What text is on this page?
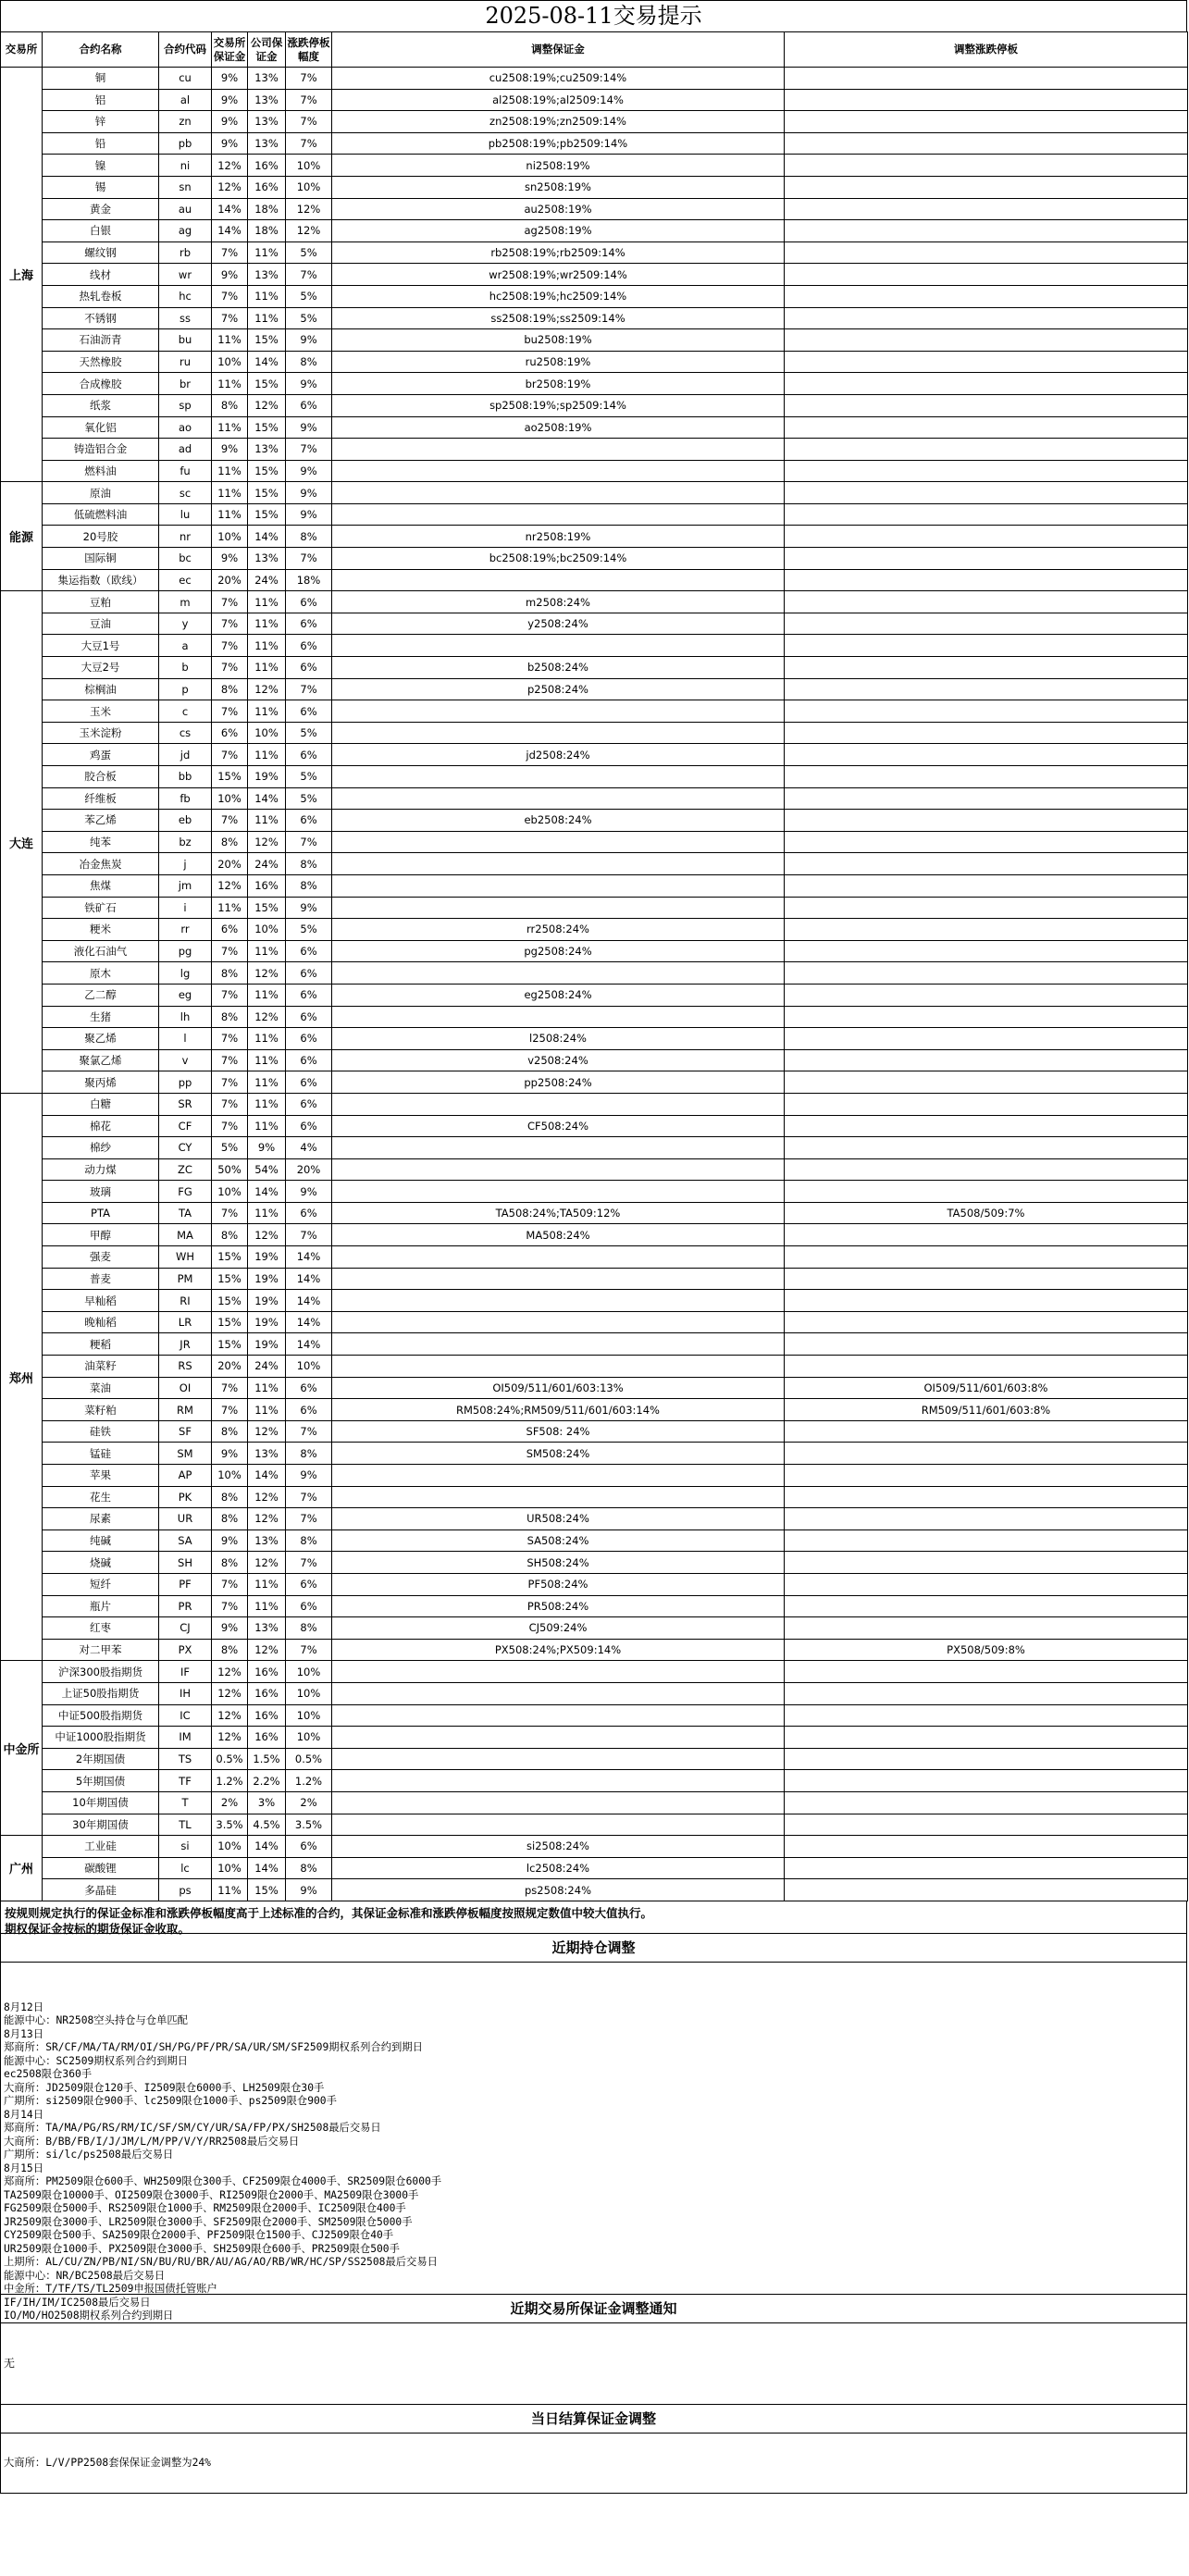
2025-08-11交易提示
交易所	合约名称	合约代码	交易所保证金	公司保证金	涨跌停板幅度	调整保证金	调整涨跌停板
上海	铜	cu	9%	13%	7%	cu2508:19%;cu2509:14%	
	铝	al	9%	13%	7%	al2508:19%;al2509:14%	
	锌	zn	9%	13%	7%	zn2508:19%;zn2509:14%	
	铅	pb	9%	13%	7%	pb2508:19%;pb2509:14%	
	镍	ni	12%	16%	10%	ni2508:19%	
	锡	sn	12%	16%	10%	sn2508:19%	
	黄金	au	14%	18%	12%	au2508:19%	
	白银	ag	14%	18%	12%	ag2508:19%	
	螺纹钢	rb	7%	11%	5%	rb2508:19%;rb2509:14%	
	线材	wr	9%	13%	7%	wr2508:19%;wr2509:14%	
	热轧卷板	hc	7%	11%	5%	hc2508:19%;hc2509:14%	
	不锈钢	ss	7%	11%	5%	ss2508:19%;ss2509:14%	
	石油沥青	bu	11%	15%	9%	bu2508:19%	
	天然橡胶	ru	10%	14%	8%	ru2508:19%	
	合成橡胶	br	11%	15%	9%	br2508:19%	
	纸浆	sp	8%	12%	6%	sp2508:19%;sp2509:14%	
	氧化铝	ao	11%	15%	9%	ao2508:19%	
	铸造铝合金	ad	9%	13%	7%		
	燃料油	fu	11%	15%	9%		
能源	原油	sc	11%	15%	9%		
	低硫燃料油	lu	11%	15%	9%		
	20号胶	nr	10%	14%	8%	nr2508:19%	
	国际铜	bc	9%	13%	7%	bc2508:19%;bc2509:14%	
	集运指数（欧线）	ec	20%	24%	18%		
大连	豆粕	m	7%	11%	6%	m2508:24%	
	豆油	y	7%	11%	6%	y2508:24%	
	大豆1号	a	7%	11%	6%		
	大豆2号	b	7%	11%	6%	b2508:24%	
	棕榈油	p	8%	12%	7%	p2508:24%	
	玉米	c	7%	11%	6%		
	玉米淀粉	cs	6%	10%	5%		
	鸡蛋	jd	7%	11%	6%	jd2508:24%	
	胶合板	bb	15%	19%	5%		
	纤维板	fb	10%	14%	5%		
	苯乙烯	eb	7%	11%	6%	eb2508:24%	
	纯苯	bz	8%	12%	7%		
	冶金焦炭	j	20%	24%	8%		
	焦煤	jm	12%	16%	8%		
	铁矿石	i	11%	15%	9%		
	粳米	rr	6%	10%	5%	rr2508:24%	
	液化石油气	pg	7%	11%	6%	pg2508:24%	
	原木	lg	8%	12%	6%		
	乙二醇	eg	7%	11%	6%	eg2508:24%	
	生猪	lh	8%	12%	6%		
	聚乙烯	l	7%	11%	6%	l2508:24%	
	聚氯乙烯	v	7%	11%	6%	v2508:24%	
	聚丙烯	pp	7%	11%	6%	pp2508:24%	
郑州	白糖	SR	7%	11%	6%		
	棉花	CF	7%	11%	6%	CF508:24%	
	棉纱	CY	5%	9%	4%		
	动力煤	ZC	50%	54%	20%		
	玻璃	FG	10%	14%	9%		
	PTA	TA	7%	11%	6%	TA508:24%;TA509:12%	TA508/509:7%
	甲醇	MA	8%	12%	7%	MA508:24%	
	强麦	WH	15%	19%	14%		
	普麦	PM	15%	19%	14%		
	早籼稻	RI	15%	19%	14%		
	晚籼稻	LR	15%	19%	14%		
	粳稻	JR	15%	19%	14%		
	油菜籽	RS	20%	24%	10%		
	菜油	OI	7%	11%	6%	OI509/511/601/603:13%	OI509/511/601/603:8%
	菜籽粕	RM	7%	11%	6%	RM508:24%;RM509/511/601/603:14%	RM509/511/601/603:8%
	硅铁	SF	8%	12%	7%	SF508: 24%	
	锰硅	SM	9%	13%	8%	SM508:24%	
	苹果	AP	10%	14%	9%		
	花生	PK	8%	12%	7%		
	尿素	UR	8%	12%	7%	UR508:24%	
	纯碱	SA	9%	13%	8%	SA508:24%	
	烧碱	SH	8%	12%	7%	SH508:24%	
	短纤	PF	7%	11%	6%	PF508:24%	
	瓶片	PR	7%	11%	6%	PR508:24%	
	红枣	CJ	9%	13%	8%	CJ509:24%	
	对二甲苯	PX	8%	12%	7%	PX508:24%;PX509:14%	PX508/509:8%
中金所	沪深300股指期货	IF	12%	16%	10%		
	上证50股指期货	IH	12%	16%	10%		
	中证500股指期货	IC	12%	16%	10%		
	中证1000股指期货	IM	12%	16%	10%		
	2年期国债	TS	0.5%	1.5%	0.5%		
	5年期国债	TF	1.2%	2.2%	1.2%		
	10年期国债	T	2%	3%	2%		
	30年期国债	TL	3.5%	4.5%	3.5%		
广州	工业硅	si	10%	14%	6%	si2508:24%	
	碳酸锂	lc	10%	14%	8%	lc2508:24%	
	多晶硅	ps	11%	15%	9%	ps2508:24%	
按规则规定执行的保证金标准和涨跌停板幅度高于上述标准的合约，其保证金标准和涨跌停板幅度按照规定数值中较大值执行。
期权保证金按标的期货保证金收取。
近期持仓调整
8月12日
能源中心：NR2508空头持仓与仓单匹配
8月13日
郑商所：SR/CF/MA/TA/RM/OI/SH/PG/PF/PR/SA/UR/SM/SF2509期权系列合约到期日
能源中心：SC2509期权系列合约到期日
ec2508限仓360手
大商所：JD2509限仓120手、I2509限仓6000手、LH2509限仓30手
广期所：si2509限仓900手、lc2509限仓1000手、ps2509限仓900手
8月14日
郑商所：TA/MA/PG/RS/RM/IC/SF/SM/CY/UR/SA/FP/PX/SH2508最后交易日
大商所：B/BB/FB/I/J/JM/L/M/PP/V/Y/RR2508最后交易日
广期所：si/lc/ps2508最后交易日
8月15日
郑商所：PM2509限仓600手、WH2509限仓300手、CF2509限仓4000手、SR2509限仓6000手
TA2509限仓10000手、OI2509限仓3000手、RI2509限仓2000手、MA2509限仓3000手
FG2509限仓5000手、RS2509限仓1000手、RM2509限仓2000手、IC2509限仓400手
JR2509限仓3000手、LR2509限仓3000手、SF2509限仓2000手、SM2509限仓5000手
CY2509限仓500手、SA2509限仓2000手、PF2509限仓1500手、CJ2509限仓40手
UR2509限仓1000手、PX2509限仓3000手、SH2509限仓600手、PR2509限仓500手
上期所：AL/CU/ZN/PB/NI/SN/BU/RU/BR/AU/AG/AO/RB/WR/HC/SP/SS2508最后交易日
能源中心：NR/BC2508最后交易日
中金所：T/TF/TS/TL2509申报国债托管账户
IF/IH/IM/IC2508最后交易日
IO/MO/HO2508期权系列合约到期日	近期交易所保证金调整通知
无
当日结算保证金调整
大商所：L/V/PP2508套保保证金调整为24%
